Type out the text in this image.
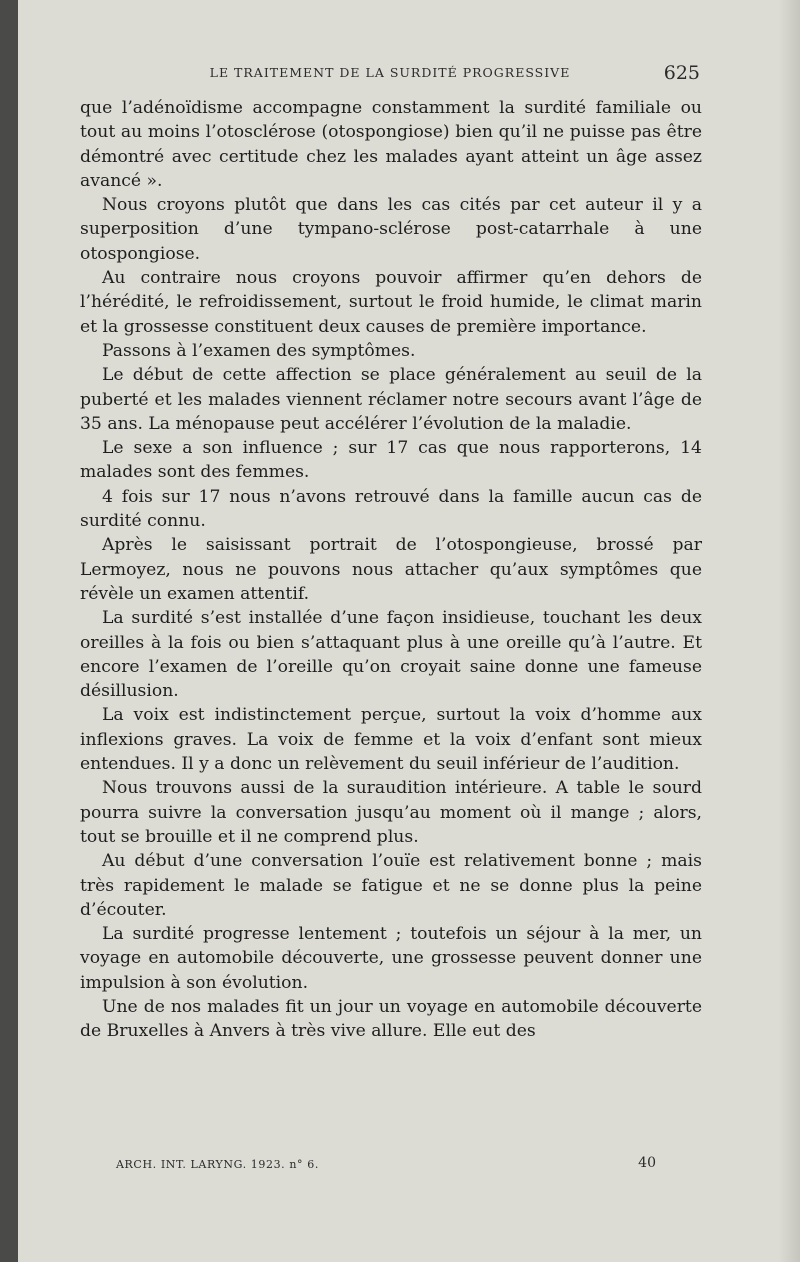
LE TRAITEMENT DE LA SURDITÉ PROGRESSIVE	625

que l’adénoïdisme accompagne constamment la surdité familiale ou tout au moins l’otosclérose (otospongiose) bien qu’il ne puisse pas être démontré avec certitude chez les malades ayant atteint un âge assez avancé ».

Nous croyons plutôt que dans les cas cités par cet auteur il y a superposition d’une tympano-sclérose post-catarrhale à une otospongiose.

Au contraire nous croyons pouvoir affirmer qu’en dehors de l’hérédité, le refroidissement, surtout le froid humide, le climat marin et la grossesse constituent deux causes de première importance.

Passons à l’examen des symptômes.

Le début de cette affection se place généralement au seuil de la puberté et les malades viennent réclamer notre secours avant l’âge de 35 ans. La ménopause peut accélérer l’évolution de la maladie.

Le sexe a son influence ; sur 17 cas que nous rapporterons, 14 malades sont des femmes.

4 fois sur 17 nous n’avons retrouvé dans la famille aucun cas de surdité connu.

Après le saisissant portrait de l’otospongieuse, brossé par Lermoyez, nous ne pouvons nous attacher qu’aux symptômes que révèle un examen attentif.

La surdité s’est installée d’une façon insidieuse, touchant les deux oreilles à la fois ou bien s’attaquant plus à une oreille qu’à l’autre. Et encore l’examen de l’oreille qu’on croyait saine donne une fameuse désillusion.

La voix est indistinctement perçue, surtout la voix d’homme aux inflexions graves. La voix de femme et la voix d’enfant sont mieux entendues. Il y a donc un relèvement du seuil inférieur de l’audition.

Nous trouvons aussi de la suraudition intérieure. A table le sourd pourra suivre la conversation jusqu’au moment où il mange ; alors, tout se brouille et il ne comprend plus.

Au début d’une conversation l’ouïe est relativement bonne ; mais très rapidement le malade se fatigue et ne se donne plus la peine d’écouter.

La surdité progresse lentement ; toutefois un séjour à la mer, un voyage en automobile découverte, une grossesse peuvent donner une impulsion à son évolution.

Une de nos malades fit un jour un voyage en automobile découverte de Bruxelles à Anvers à très vive allure. Elle eut des

ARCH. INT. LARYNG. 1923. n° 6.	40
